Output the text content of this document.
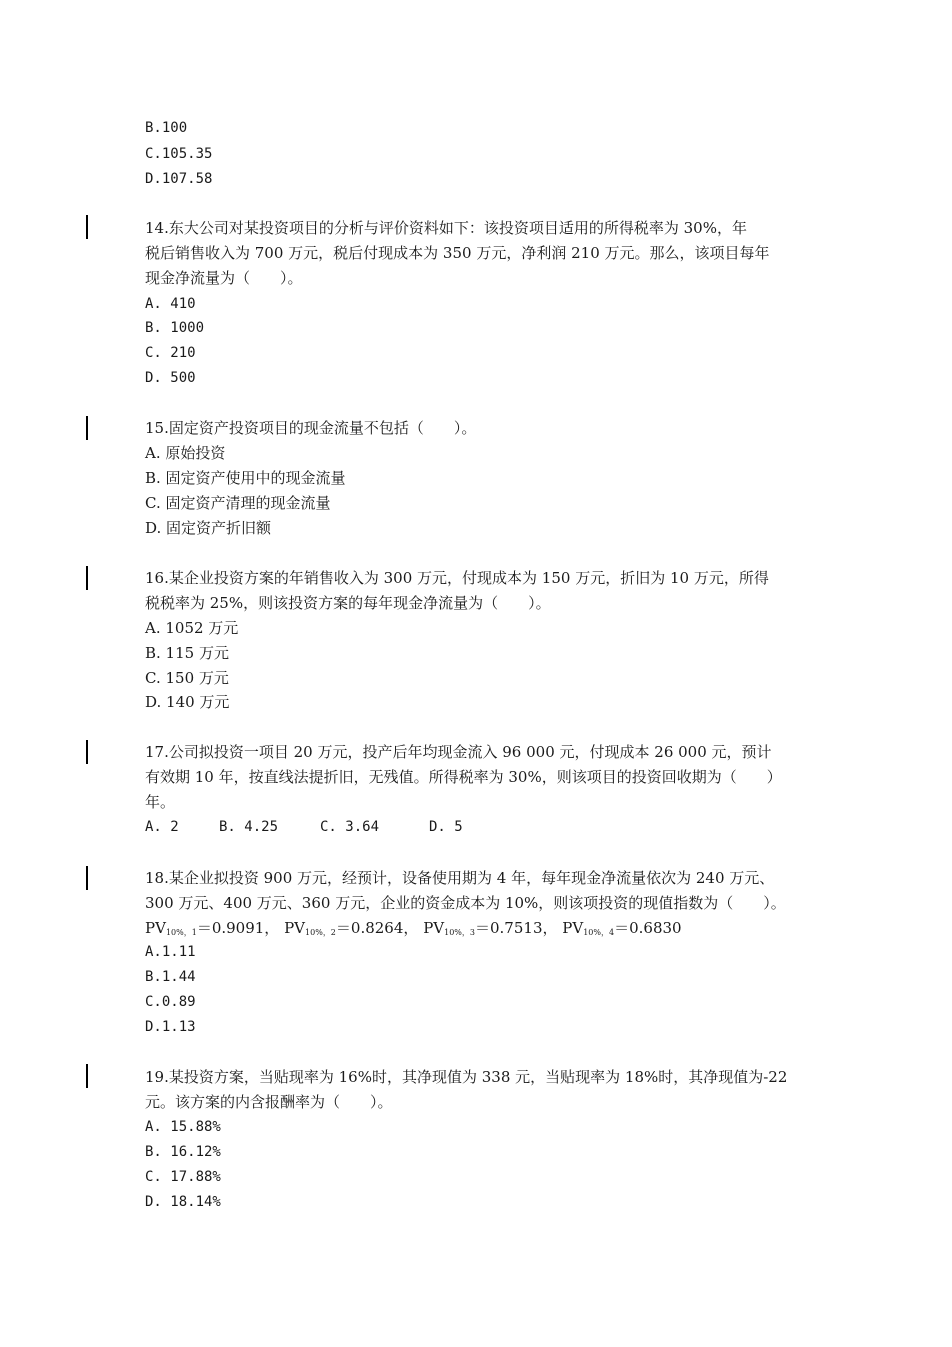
B.100
C.105.35
D.107.58
14.东大公司对某投资项目的分析与评价资料如下：该投资项目适用的所得税率为 30%，年
税后销售收入为 700 万元，税后付现成本为 350 万元，净利润 210 万元。那么，该项目每年
现金净流量为（　　）。
A. 410
B. 1000
C. 210
D. 500
15.固定资产投资项目的现金流量不包括（　　）。
A. 原始投资
B. 固定资产使用中的现金流量
C. 固定资产清理的现金流量
D. 固定资产折旧额
16.某企业投资方案的年销售收入为 300 万元，付现成本为 150 万元，折旧为 10 万元，所得
税税率为 25%，则该投资方案的每年现金净流量为（　　）。
A. 1052 万元
B. 115 万元
C. 150 万元
D. 140 万元
17.公司拟投资一项目 20 万元，投产后年均现金流入 96 000 元，付现成本 26 000 元，预计
有效期 10 年，按直线法提折旧，无残值。所得税率为 30%，则该项目的投资回收期为（　　）
年。
A. 2	B. 4.25	C. 3.64	D. 5
18.某企业拟投资 900 万元，经预计，设备使用期为 4 年，每年现金净流量依次为 240 万元、
300 万元、400 万元、360 万元，企业的资金成本为 10%，则该项投资的现值指数为（　　）。
$PV_{10\%,1}=0.9091$， $PV_{10\%,2}=0.8264$， $PV_{10\%,3}=0.7513$， $PV_{10\%,4}=0.6830$
A.1.11
B.1.44
C.0.89
D.1.13
19.某投资方案，当贴现率为 16%时，其净现值为 338 元，当贴现率为 18%时，其净现值为-22
元。该方案的内含报酬率为（　　）。
A. 15.88%
B. 16.12%
C. 17.88%
D. 18.14%
